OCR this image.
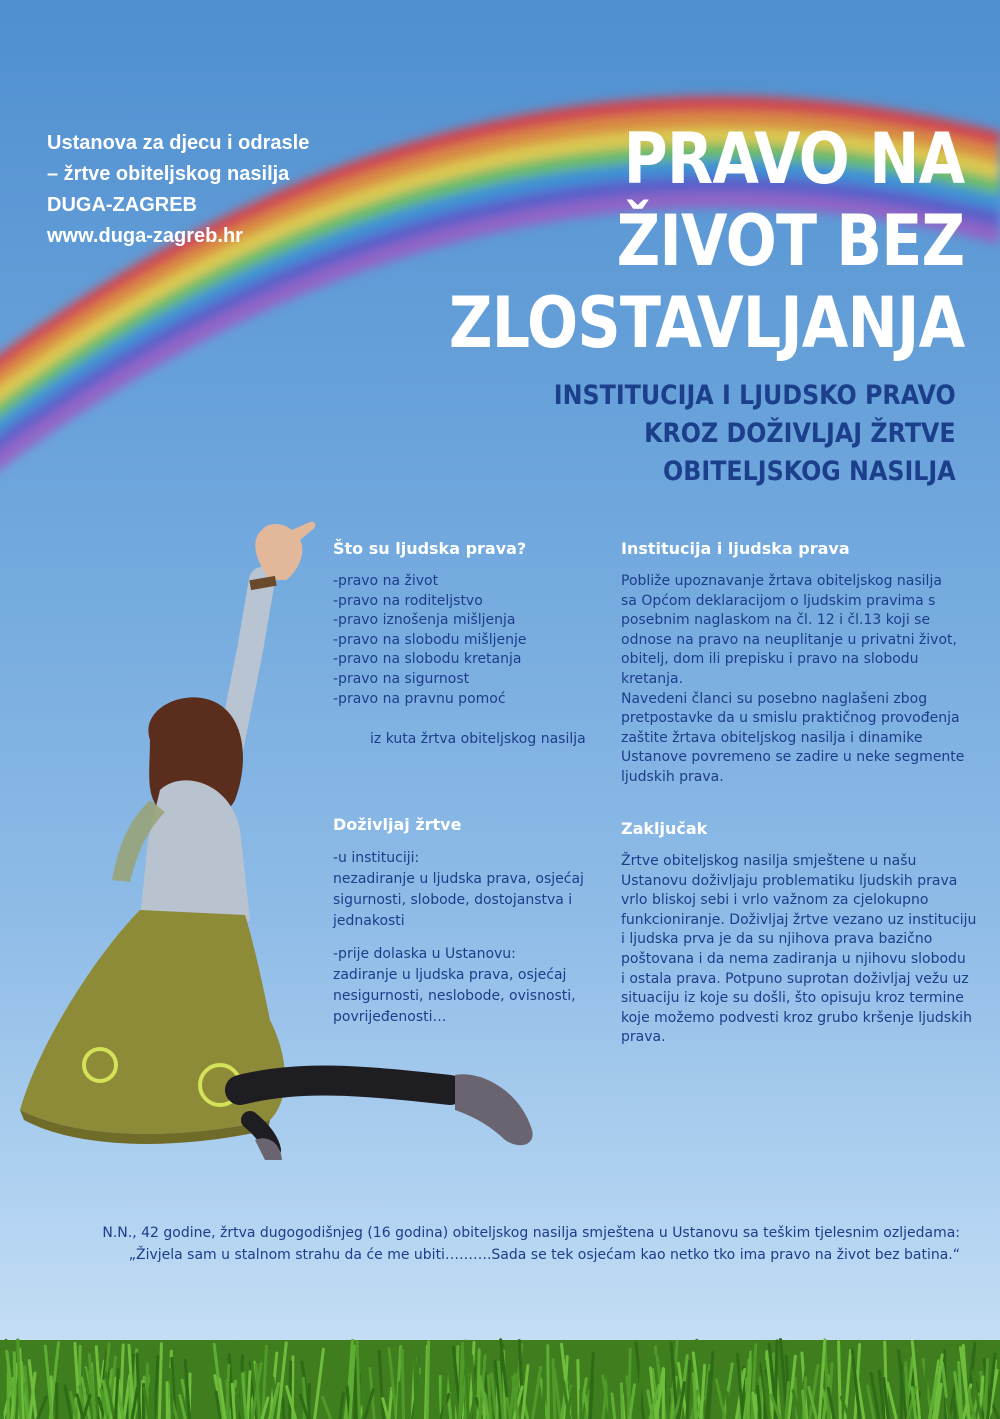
Ustanova za djecu i odrasle
– žrtve obiteljskog nasilja
DUGA-ZAGREB
www.duga-zagreb.hr
PRAVO NA
ŽIVOT BEZ
ZLOSTAVLJANJA
INSTITUCIJA I LJUDSKO PRAVO
KROZ DOŽIVLJAJ ŽRTVE
OBITELJSKOG NASILJA
Što su ljudska prava?
-pravo na život
-pravo na roditeljstvo
-pravo iznošenja mišljenja
-pravo na slobodu mišljenje
-pravo na slobodu kretanja
-pravo na sigurnost
-pravo na pravnu pomoć
iz kuta žrtva obiteljskog nasilja
Institucija i ljudska prava
Pobliže upoznavanje žrtava obiteljskog nasilja
sa Općom deklaracijom o ljudskim pravima s
posebnim naglaskom na čl. 12 i čl.13 koji se
odnose na pravo na neuplitanje u privatni život,
obitelj, dom ili prepisku i pravo na slobodu
kretanja.
Navedeni članci su posebno naglašeni zbog
pretpostavke da u smislu praktičnog provođenja
zaštite žrtava obiteljskog nasilja i dinamike
Ustanove povremeno se zadire u neke segmente
ljudskih prava.
Doživljaj žrtve
-u instituciji:
nezadiranje u ljudska prava, osjećaj
sigurnosti, slobode, dostojanstva i
jednakosti
-prije dolaska u Ustanovu:
zadiranje u ljudska prava, osjećaj
nesigurnosti, neslobode, ovisnosti,
povrijeđenosti…
Zaključak
Žrtve obiteljskog nasilja smještene u našu
Ustanovu doživljaju problematiku ljudskih prava
vrlo bliskoj sebi i vrlo važnom za cjelokupno
funkcioniranje. Doživljaj žrtve vezano uz instituciju
i ljudska prva je da su njihova prava bazično
poštovana i da nema zadiranja u njihovu slobodu
i ostala prava. Potpuno suprotan doživljaj vežu uz
situaciju iz koje su došli, što opisuju kroz termine
koje možemo podvesti kroz grubo kršenje ljudskih
prava.
N.N., 42 godine, žrtva dugogodišnjeg (16 godina) obiteljskog nasilja smještena u Ustanovu sa teškim tjelesnim ozljedama:
„Živjela sam u stalnom strahu da će me ubiti……….Sada se tek osjećam kao netko tko ima pravo na život bez batina.“
